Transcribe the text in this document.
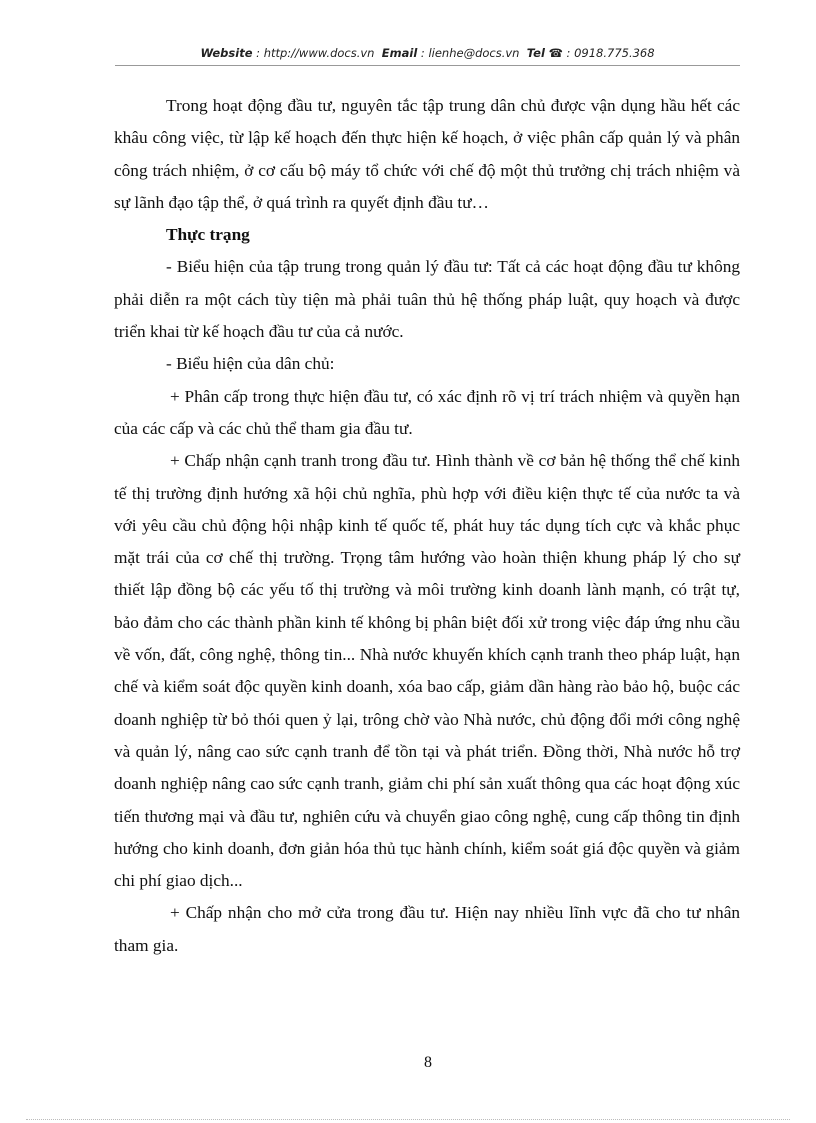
Website : http://www.docs.vn Email : lienhe@docs.vn Tel ☎ : 0918.775.368

Trong hoạt động đầu tư, nguyên tắc tập trung dân chủ được vận dụng hầu hết các khâu công việc, từ lập kế hoạch đến thực hiện kế hoạch, ở việc phân cấp quản lý và phân công trách nhiệm, ở cơ cấu bộ máy tổ chức với chế độ một thủ trưởng chị trách nhiệm và sự lãnh đạo tập thể, ở quá trình ra quyết định đầu tư…

Thực trạng

- Biểu hiện của tập trung trong quản lý đầu tư: Tất cả các hoạt động đầu tư không phải diễn ra một cách tùy tiện mà phải tuân thủ hệ thống pháp luật, quy hoạch và được triển khai từ kế hoạch đầu tư của cả nước.

- Biểu hiện của dân chủ:

+ Phân cấp trong thực hiện đầu tư, có xác định rõ vị trí trách nhiệm và quyền hạn của các cấp và các chủ thể tham gia đầu tư.

+ Chấp nhận cạnh tranh trong đầu tư. Hình thành về cơ bản hệ thống thể chế kinh tế thị trường định hướng xã hội chủ nghĩa, phù hợp với điều kiện thực tế của nước ta và với yêu cầu chủ động hội nhập kinh tế quốc tế, phát huy tác dụng tích cực và khắc phục mặt trái của cơ chế thị trường. Trọng tâm hướng vào hoàn thiện khung pháp lý cho sự thiết lập đồng bộ các yếu tố thị trường và môi trường kinh doanh lành mạnh, có trật tự, bảo đảm cho các thành phần kinh tế không bị phân biệt đối xử trong việc đáp ứng nhu cầu về vốn, đất, công nghệ, thông tin... Nhà nước khuyến khích cạnh tranh theo pháp luật, hạn chế và kiểm soát độc quyền kinh doanh, xóa bao cấp, giảm dần hàng rào bảo hộ, buộc các doanh nghiệp từ bỏ thói quen ỷ lại, trông chờ vào Nhà nước, chủ động đổi mới công nghệ và quản lý, nâng cao sức cạnh tranh để tồn tại và phát triển. Đồng thời, Nhà nước hỗ trợ doanh nghiệp nâng cao sức cạnh tranh, giảm chi phí sản xuất thông qua các hoạt động xúc tiến thương mại và đầu tư, nghiên cứu và chuyển giao công nghệ, cung cấp thông tin định hướng cho kinh doanh, đơn giản hóa thủ tục hành chính, kiểm soát giá độc quyền và giảm chi phí giao dịch...

+ Chấp nhận cho mở cửa trong đầu tư. Hiện nay nhiều lĩnh vực đã cho tư nhân tham gia.

8
